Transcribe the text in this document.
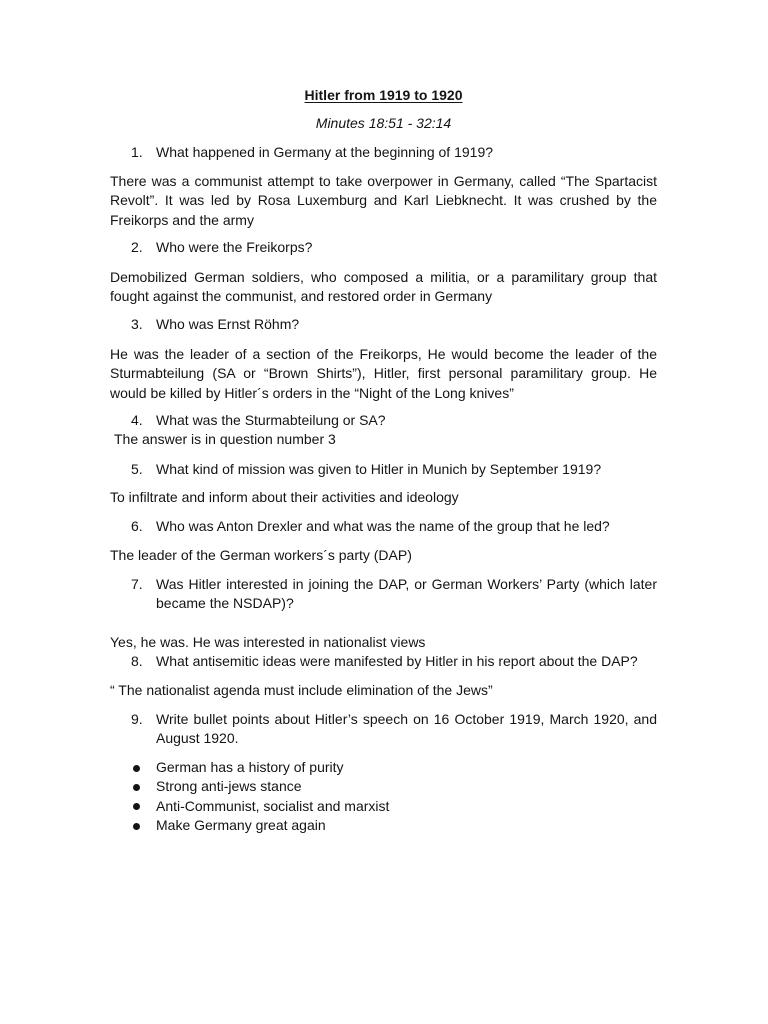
Hitler from 1919 to 1920
Minutes 18:51 - 32:14
1. What happened in Germany at the beginning of 1919?
There was a communist attempt to take overpower in Germany, called “The Spartacist
Revolt”. It was led by Rosa Luxemburg and Karl Liebknecht. It was crushed by the
Freikorps and the army
2. Who were the Freikorps?
Demobilized German soldiers, who composed a militia, or a paramilitary group that
fought against the communist, and restored order in Germany
3. Who was Ernst Röhm?
He was the leader of a section of the Freikorps, He would become the leader of the
Sturmabteilung (SA or “Brown Shirts”), Hitler, first personal paramilitary group. He
would be killed by Hitler´s orders in the “Night of the Long knives”
4. What was the Sturmabteilung or SA?
The answer is in question number 3
5. What kind of mission was given to Hitler in Munich by September 1919?
To infiltrate and inform about their activities and ideology
6. Who was Anton Drexler and what was the name of the group that he led?
The leader of the German workers´s party (DAP)
7. Was Hitler interested in joining the DAP, or German Workers’ Party (which later
became the NSDAP)?
Yes, he was. He was interested in nationalist views
8. What antisemitic ideas were manifested by Hitler in his report about the DAP?
“ The nationalist agenda must include elimination of the Jews”
9. Write bullet points about Hitler’s speech on 16 October 1919, March 1920, and
August 1920.
German has a history of purity
Strong anti-jews stance
Anti-Communist, socialist and marxist
Make Germany great again
